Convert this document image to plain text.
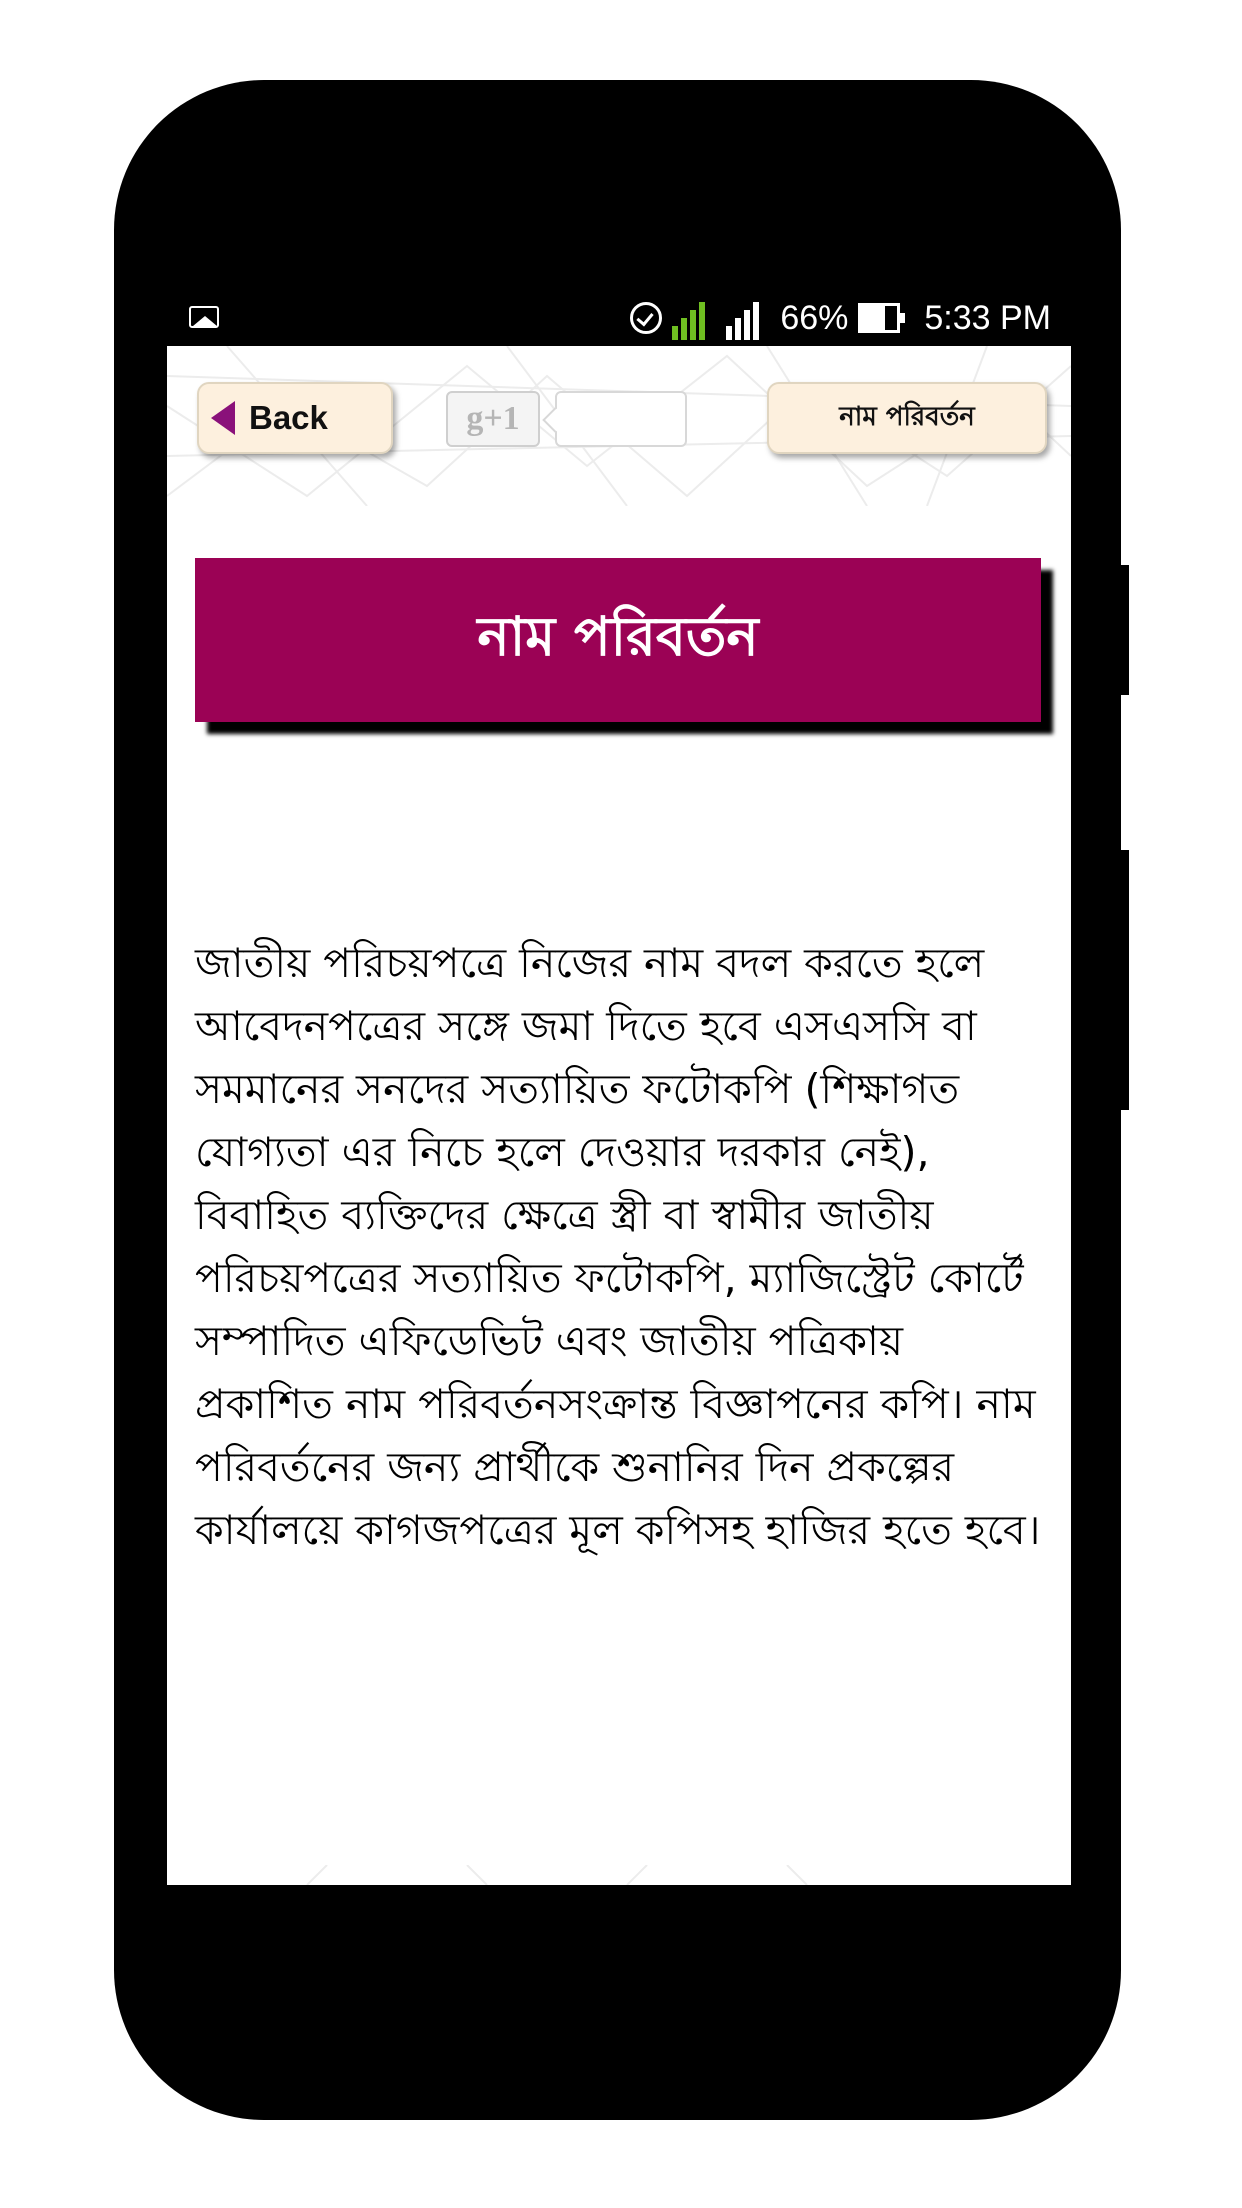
Back	g+1	নাম পরিবর্তন
নাম পরিবর্তন
জাতীয় পরিচয়পত্রে নিজের নাম বদল করতে হলে আবেদনপত্রের সঙ্গে জমা দিতে হবে এসএসসি বা সমমানের সনদের সত্যায়িত ফটোকপি (শিক্ষাগত যোগ্যতা এর নিচে হলে দেওয়ার দরকার নেই), বিবাহিত ব্যক্তিদের ক্ষেত্রে স্ত্রী বা স্বামীর জাতীয় পরিচয়পত্রের সত্যায়িত ফটোকপি, ম্যাজিস্ট্রেট কোর্টে সম্পাদিত এফিডেভিট এবং জাতীয় পত্রিকায় প্রকাশিত নাম পরিবর্তনসংক্রান্ত বিজ্ঞাপনের কপি। নাম পরিবর্তনের জন্য প্রার্থীকে শুনানির দিন প্রকল্পের কার্যালয়ে কাগজপত্রের মূল কপিসহ হাজির হতে হবে।
1 2 66% 5:33 PM
